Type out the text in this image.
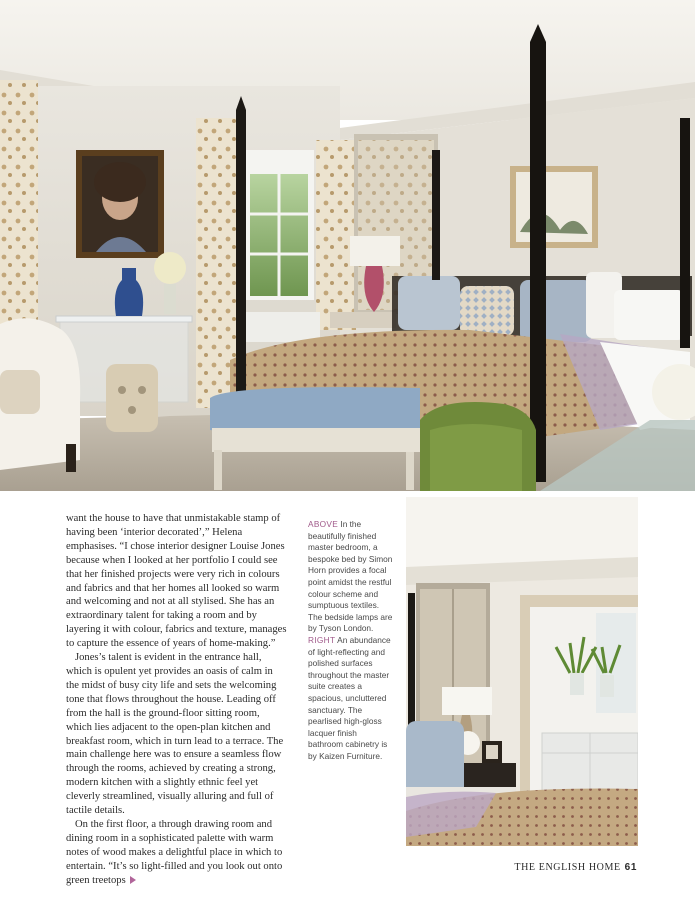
want the house to have that unmistakable stamp of having been ‘interior decorated’,” Helena emphasises. “I chose interior designer Louise Jones because when I looked at her portfolio I could see that her finished projects were very rich in colours and fabrics and that her homes all looked so warm and welcoming and not at all stylised. She has an extraordinary talent for taking a room and by layering it with colour, fabrics and texture, manages to capture the essence of years of home-making.”

Jones’s talent is evident in the entrance hall, which is opulent yet provides an oasis of calm in the midst of busy city life and sets the welcoming tone that flows throughout the house. Leading off from the hall is the ground-floor sitting room, which lies adjacent to the open-plan kitchen and breakfast room, which in turn lead to a terrace. The main challenge here was to ensure a seamless flow through the rooms, achieved by creating a strong, modern kitchen with a slightly ethnic feel yet cleverly streamlined, visually alluring and full of tactile details.

On the first floor, a through drawing room and dining room in a sophisticated palette with warm notes of wood makes a delightful place in which to entertain. “It’s so light-filled and you look out onto green treetops

ABOVE In the beautifully finished master bedroom, a bespoke bed by Simon Horn provides a focal point amidst the restful colour scheme and sumptuous textiles. The bedside lamps are by Tyson London.

RIGHT An abundance of light-reflecting and polished surfaces throughout the master suite creates a spacious, uncluttered sanctuary. The pearlised high-gloss lacquer finish bathroom cabinetry is by Kaizen Furniture.

THE ENGLISH HOME 61
